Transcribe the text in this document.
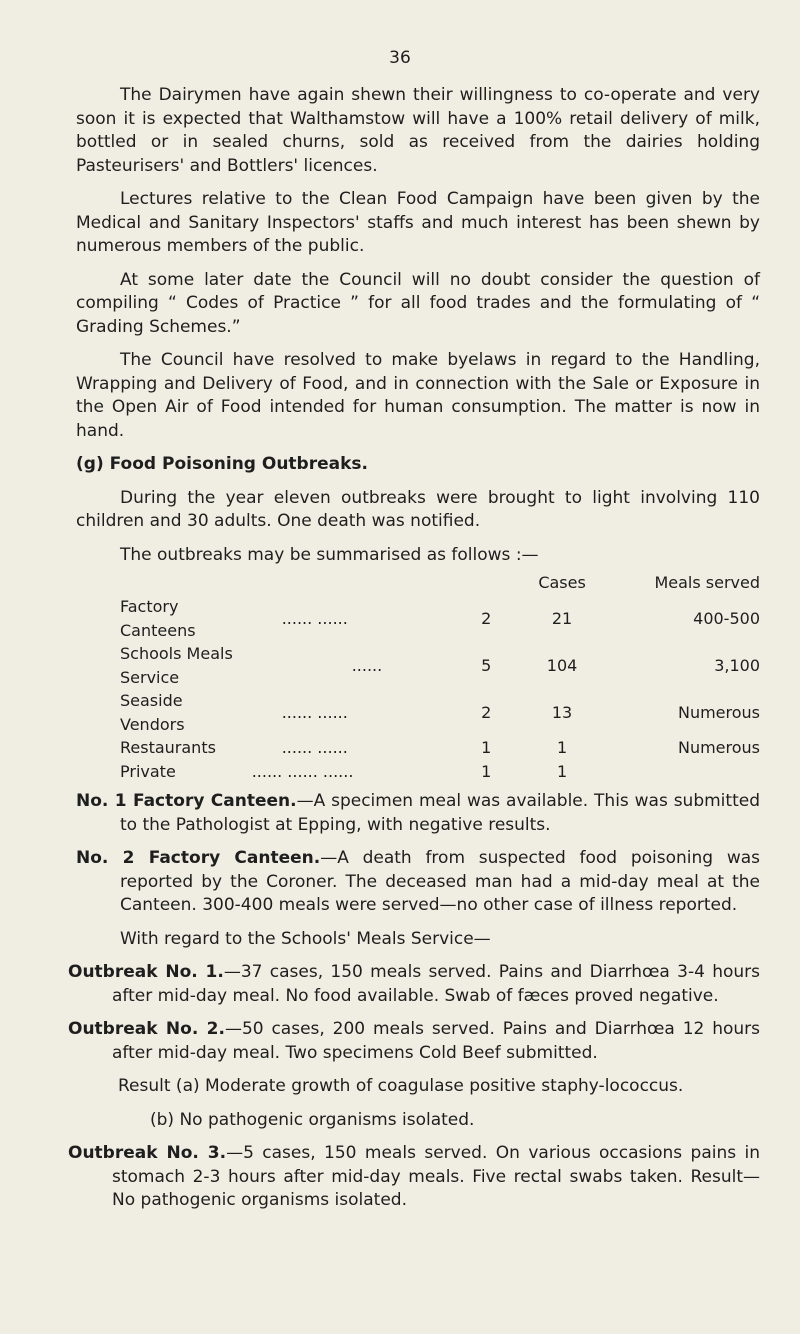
36

The Dairymen have again shewn their willingness to co-operate and very soon it is expected that Walthamstow will have a 100% retail delivery of milk, bottled or in sealed churns, sold as received from the dairies holding Pasteurisers' and Bottlers' licences.

Lectures relative to the Clean Food Campaign have been given by the Medical and Sanitary Inspectors' staffs and much interest has been shewn by numerous members of the public.

At some later date the Council will no doubt consider the question of compiling “ Codes of Practice ” for all food trades and the formulating of “ Grading Schemes.”

The Council have resolved to make byelaws in regard to the Handling, Wrapping and Delivery of Food, and in connection with the Sale or Exposure in the Open Air of Food intended for human consumption. The matter is now in hand.

(g) Food Poisoning Outbreaks.

During the year eleven outbreaks were brought to light involving 110 children and 30 adults. One death was notified.

The outbreaks may be summarised as follows :—

			Cases	Meals served
Factory Canteens	...... ......	2	21	400-500
Schools Meals Service	......	5	104	3,100
Seaside Vendors	...... ......	2	13	Numerous
Restaurants	...... ......	1	1	Numerous
Private	...... ...... ......	1	1	

No. 1 Factory Canteen.—A specimen meal was available. This was submitted to the Pathologist at Epping, with negative results.

No. 2 Factory Canteen.—A death from suspected food poisoning was reported by the Coroner. The deceased man had a mid-day meal at the Canteen. 300-400 meals were served—no other case of illness reported.

With regard to the Schools' Meals Service—

Outbreak No. 1.—37 cases, 150 meals served. Pains and Diarrhœa 3-4 hours after mid-day meal. No food available. Swab of fæces proved negative.

Outbreak No. 2.—50 cases, 200 meals served. Pains and Diarrhœa 12 hours after mid-day meal. Two specimens Cold Beef submitted.

Result (a) Moderate growth of coagulase positive staphy-lococcus.

(b) No pathogenic organisms isolated.

Outbreak No. 3.—5 cases, 150 meals served. On various occasions pains in stomach 2-3 hours after mid-day meals. Five rectal swabs taken. Result—No pathogenic organisms isolated.
